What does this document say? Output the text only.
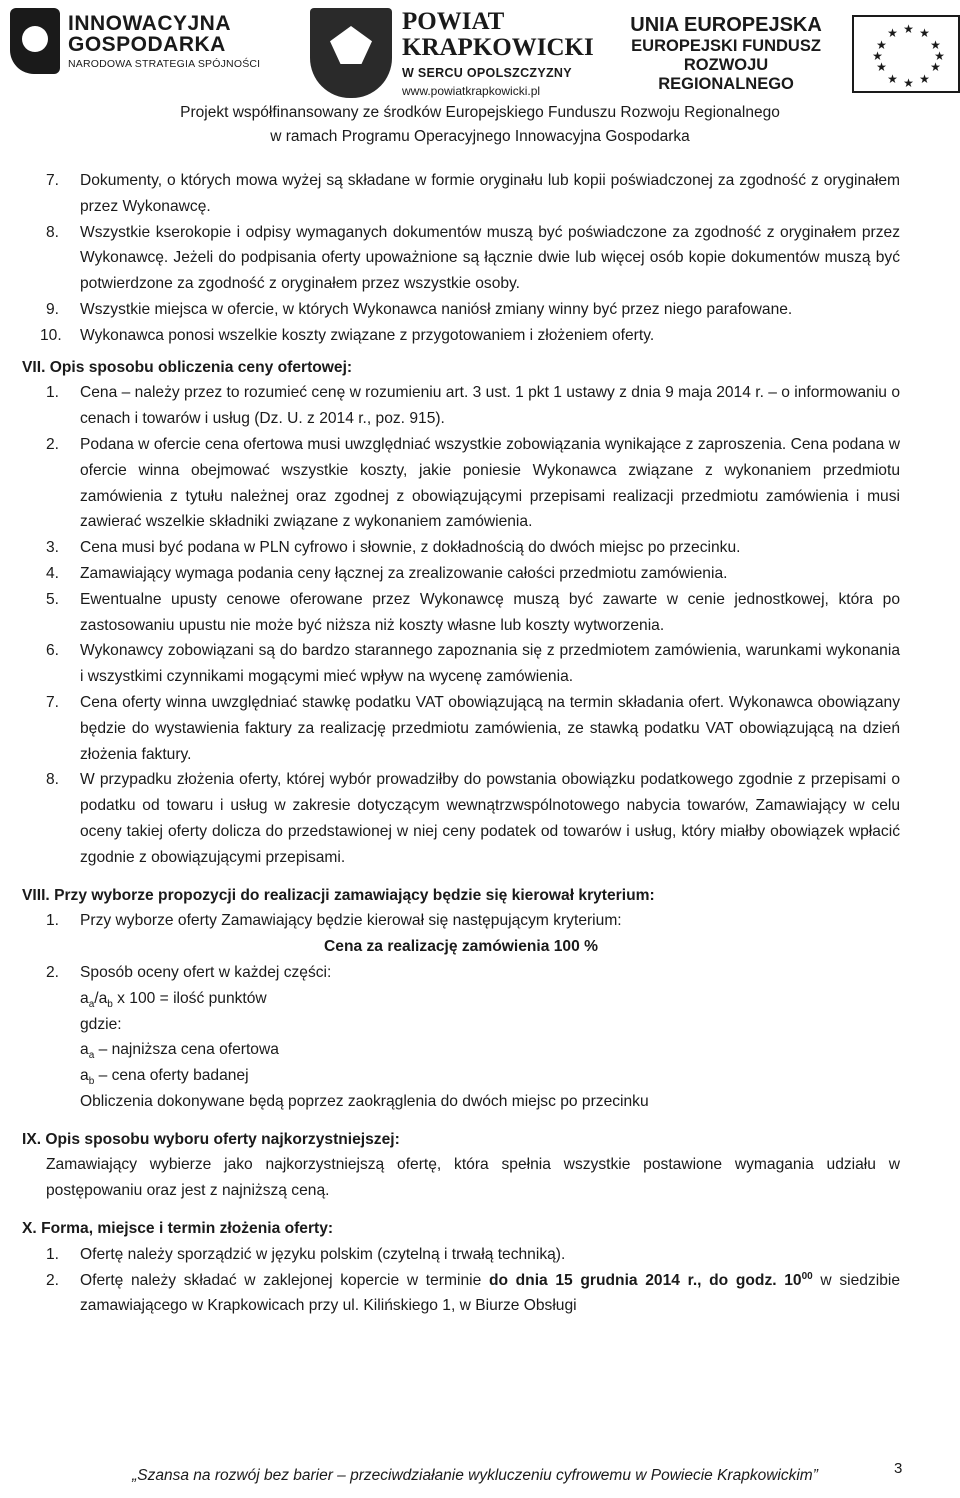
INNOWACYJNA
GOSPODARKA
NARODOWA STRATEGIA SPÓJNOŚCI
POWIAT
KRAPKOWICKI
W SERCU OPOLSZCZYZNY
www.powiatkrapkowicki.pl
UNIA EUROPEJSKA
EUROPEJSKI FUNDUSZ
ROZWOJU REGIONALNEGO
★ ★
★
★
★
★
★
★
★
★
★
★
Projekt współfinansowany ze środków Europejskiego Funduszu Rozwoju Regionalnego
w ramach Programu Operacyjnego Innowacyjna Gospodarka
7. Dokumenty, o których mowa wyżej są składane w formie oryginału lub kopii poświadczonej za zgodność z oryginałem przez Wykonawcę.
8. Wszystkie kserokopie i odpisy wymaganych dokumentów muszą być poświadczone za zgodność z oryginałem przez Wykonawcę. Jeżeli do podpisania oferty upoważnione są łącznie dwie lub więcej osób kopie dokumentów muszą być potwierdzone za zgodność z oryginałem przez wszystkie osoby.
9. Wszystkie miejsca w ofercie, w których Wykonawca naniósł zmiany winny być przez niego parafowane.
10. Wykonawca ponosi wszelkie koszty związane z przygotowaniem i złożeniem oferty.
VII. Opis sposobu obliczenia ceny ofertowej:
1. Cena – należy przez to rozumieć cenę w rozumieniu art. 3 ust. 1 pkt 1 ustawy z dnia 9 maja 2014 r. – o informowaniu o cenach i towarów i usług (Dz. U. z 2014 r., poz. 915).
2. Podana w ofercie cena ofertowa musi uwzględniać wszystkie zobowiązania wynikające z zaproszenia. Cena podana w ofercie winna obejmować wszystkie koszty, jakie poniesie Wykonawca związane z wykonaniem przedmiotu zamówienia z tytułu należnej oraz zgodnej z obowiązującymi przepisami realizacji przedmiotu zamówienia i musi zawierać wszelkie składniki związane z wykonaniem zamówienia.
3. Cena musi być podana w PLN cyfrowo i słownie, z dokładnością do dwóch miejsc po przecinku.
4. Zamawiający wymaga podania ceny łącznej za zrealizowanie całości przedmiotu zamówienia.
5. Ewentualne upusty cenowe oferowane przez Wykonawcę muszą być zawarte w cenie jednostkowej, która po zastosowaniu upustu nie może być niższa niż koszty własne lub koszty wytworzenia.
6. Wykonawcy zobowiązani są do bardzo starannego zapoznania się z przedmiotem zamówienia, warunkami wykonania i wszystkimi czynnikami mogącymi mieć wpływ na wycenę zamówienia.
7. Cena oferty winna uwzględniać stawkę podatku VAT obowiązującą na termin składania ofert. Wykonawca obowiązany będzie do wystawienia faktury za realizację przedmiotu zamówienia, ze stawką podatku VAT obowiązującą na dzień złożenia faktury.
8. W przypadku złożenia oferty, której wybór prowadziłby do powstania obowiązku podatkowego zgodnie z przepisami o podatku od towaru i usług w zakresie dotyczącym wewnątrzwspólnotowego nabycia towarów, Zamawiający w celu oceny takiej oferty dolicza do przedstawionej w niej ceny podatek od towarów i usług, który miałby obowiązek wpłacić zgodnie z obowiązującymi przepisami.
VIII. Przy wyborze propozycji do realizacji zamawiający będzie się kierował kryterium:
1. Przy wyborze oferty Zamawiający będzie kierował się następującym kryterium:
Cena za realizację zamówienia 100 %
2. Sposób oceny ofert w każdej części:
$a_a/a_b$ x 100 = ilość punktów
gdzie:
$a_a$ – najniższa cena ofertowa
$a_b$ – cena oferty badanej
Obliczenia dokonywane będą poprzez zaokrąglenia do dwóch miejsc po przecinku
IX. Opis sposobu wyboru oferty najkorzystniejszej:
Zamawiający wybierze jako najkorzystniejszą ofertę, która spełnia wszystkie postawione wymagania udziału w postępowaniu oraz jest z najniższą ceną.
X. Forma, miejsce i termin złożenia oferty:
1. Ofertę należy sporządzić w języku polskim (czytelną i trwałą techniką).
2. Ofertę należy składać w zaklejonej kopercie w terminie do dnia 15 grudnia 2014 r., do godz. $10^{00}$ w siedzibie zamawiającego w Krapkowicach przy ul. Kilińskiego 1, w Biurze Obsługi
„Szansa na rozwój bez barier – przeciwdziałanie wykluczeniu cyfrowemu w Powiecie Krapkowickim”	3
